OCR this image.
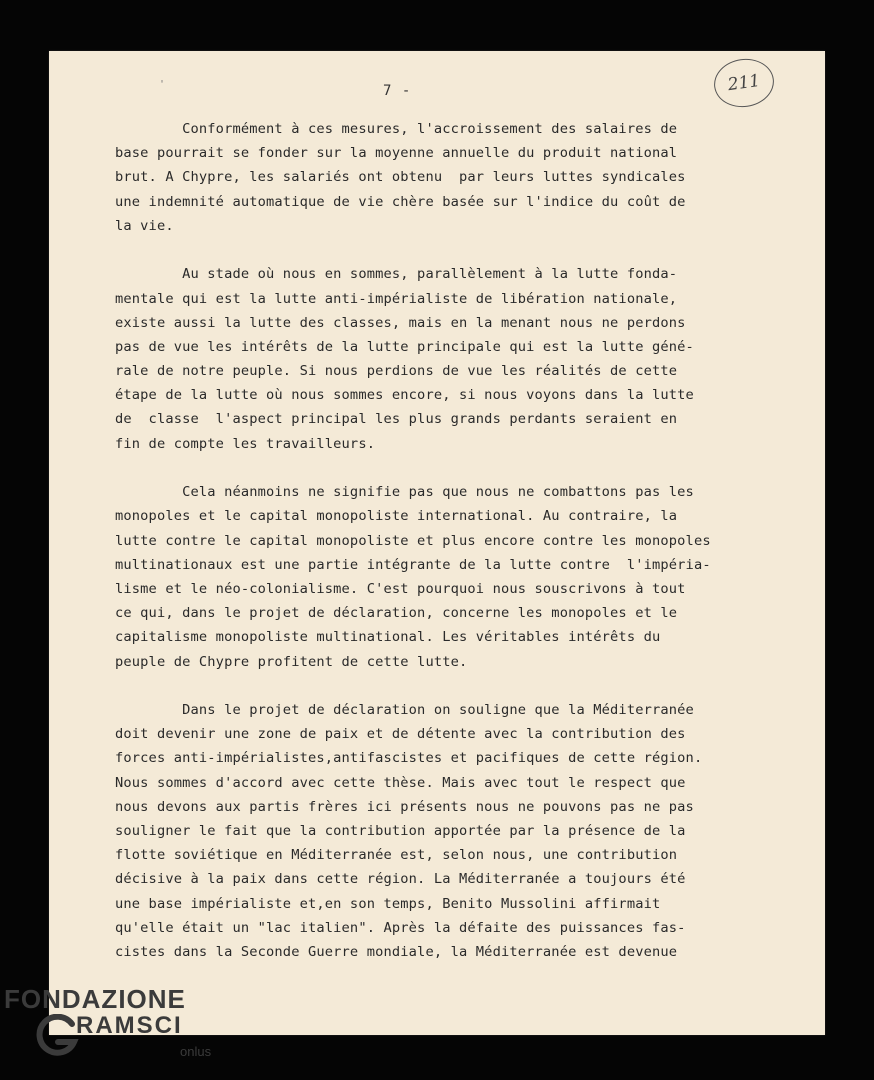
'	7 -	211
Conformément à ces mesures, l'accroissement des salaires de
base pourrait se fonder sur la moyenne annuelle du produit national
brut. A Chypre, les salariés ont obtenu  par leurs luttes syndicales
une indemnité automatique de vie chère basée sur l'indice du coût de
la vie.
Au stade où nous en sommes, parallèlement à la lutte fonda-
mentale qui est la lutte anti-impérialiste de libération nationale,
existe aussi la lutte des classes, mais en la menant nous ne perdons
pas de vue les intérêts de la lutte principale qui est la lutte géné-
rale de notre peuple. Si nous perdions de vue les réalités de cette
étape de la lutte où nous sommes encore, si nous voyons dans la lutte
de  classe  l'aspect principal les plus grands perdants seraient en
fin de compte les travailleurs.
Cela néanmoins ne signifie pas que nous ne combattons pas les
monopoles et le capital monopoliste international. Au contraire, la
lutte contre le capital monopoliste et plus encore contre les monopoles
multinationaux est une partie intégrante de la lutte contre  l'impéria-
lisme et le néo-colonialisme. C'est pourquoi nous souscrivons à tout
ce qui, dans le projet de déclaration, concerne les monopoles et le
capitalisme monopoliste multinational. Les véritables intérêts du
peuple de Chypre profitent de cette lutte.
Dans le projet de déclaration on souligne que la Méditerranée
doit devenir une zone de paix et de détente avec la contribution des
forces anti-impérialistes,antifascistes et pacifiques de cette région.
Nous sommes d'accord avec cette thèse. Mais avec tout le respect que
nous devons aux partis frères ici présents nous ne pouvons pas ne pas
souligner le fait que la contribution apportée par la présence de la
flotte soviétique en Méditerranée est, selon nous, une contribution
décisive à la paix dans cette région. La Méditerranée a toujours été
une base impérialiste et,en son temps, Benito Mussolini affirmait
qu'elle était un "lac italien". Après la défaite des puissances fas-
cistes dans la Seconde Guerre mondiale, la Méditerranée est devenue
FONDAZIONE
RAMSCI
onlus
